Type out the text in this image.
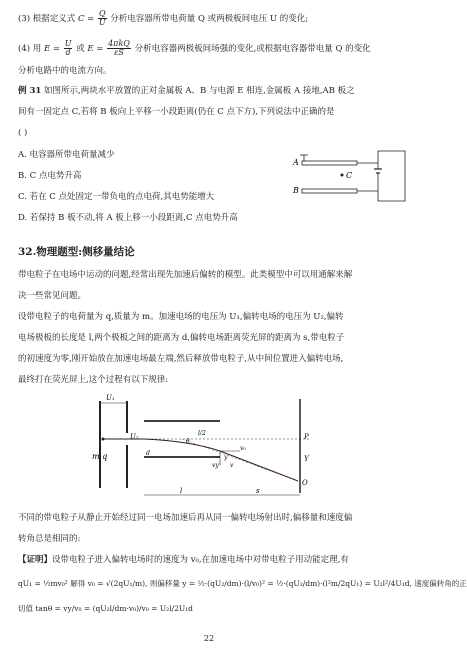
(3) 根据定义式 $C = \frac{Q}{U}$ 分析电容器所带电荷量 Q 或两极板间电压 U 的变化;
(4) 用 $E = \frac{U}{d}$ 或 $E = \frac{\text{4πkQ}}{\varepsilon S}$ 分析电容器两极板间场强的变化,或根据电容器带电量 Q 的变化
分析电路中的电流方向。
例 31 如图所示,两块水平放置的正对金属板 A、B 与电源 E 相连,金属板 A 接地,AB 板之
间有一固定点 C,若将 B 板向上平移一小段距离(仍在 C 点下方),下列说法中正确的是
( )
A. 电容器所带电荷量减少
B. C 点电势升高
C. 若在 C 点处固定一带负电的点电荷,其电势能增大
D. 若保持 B 板不动,将 A 板上移一小段距离,C 点电势升高
A
B
C
32.物理题型:侧移量结论
带电粒子在电场中运动的问题,经常出现先加速后偏转的模型。此类模型中可以用通解来解
决一些常见问题。
设带电粒子的电荷量为 q,质量为 m。加速电场的电压为 U₁,偏转电场的电压为 U₂,偏转
电场极板的长度是 l,两个极板之间的距离为 d,偏转电场距离荧光屏的距离为 s,带电粒子
的初速度为零,刚开始放在加速电场最左端,然后释放带电粒子,从中间位置进入偏转电场,
最终打在荧光屏上,这个过程有以下规律:
U₁
m q
U₂
θ
l/2
v₀
vy v
y
P
Y
O
l	s
d
不同的带电粒子从静止开始经过同一电场加速后再从同一偏转电场射出时,偏移量和速度偏
转角总是相同的:
【证明】设带电粒子进入偏转电场时的速度为 v₀,在加速电场中对带电粒子用动能定理,有
qU₁ = ½mv₀² 解得 v₀ = √(2qU₁/m), 则偏移量 y = ½·(qU₂/dm)·(l/v₀)² = ½·(qU₂/dm)·(l²m/2qU₁) = U₂l²/4U₁d, 速度偏转角的正
切值 tanθ = vy/v₀ = (qU₂l/dm·v₀)/v₀ = U₂l/2U₁d
22
